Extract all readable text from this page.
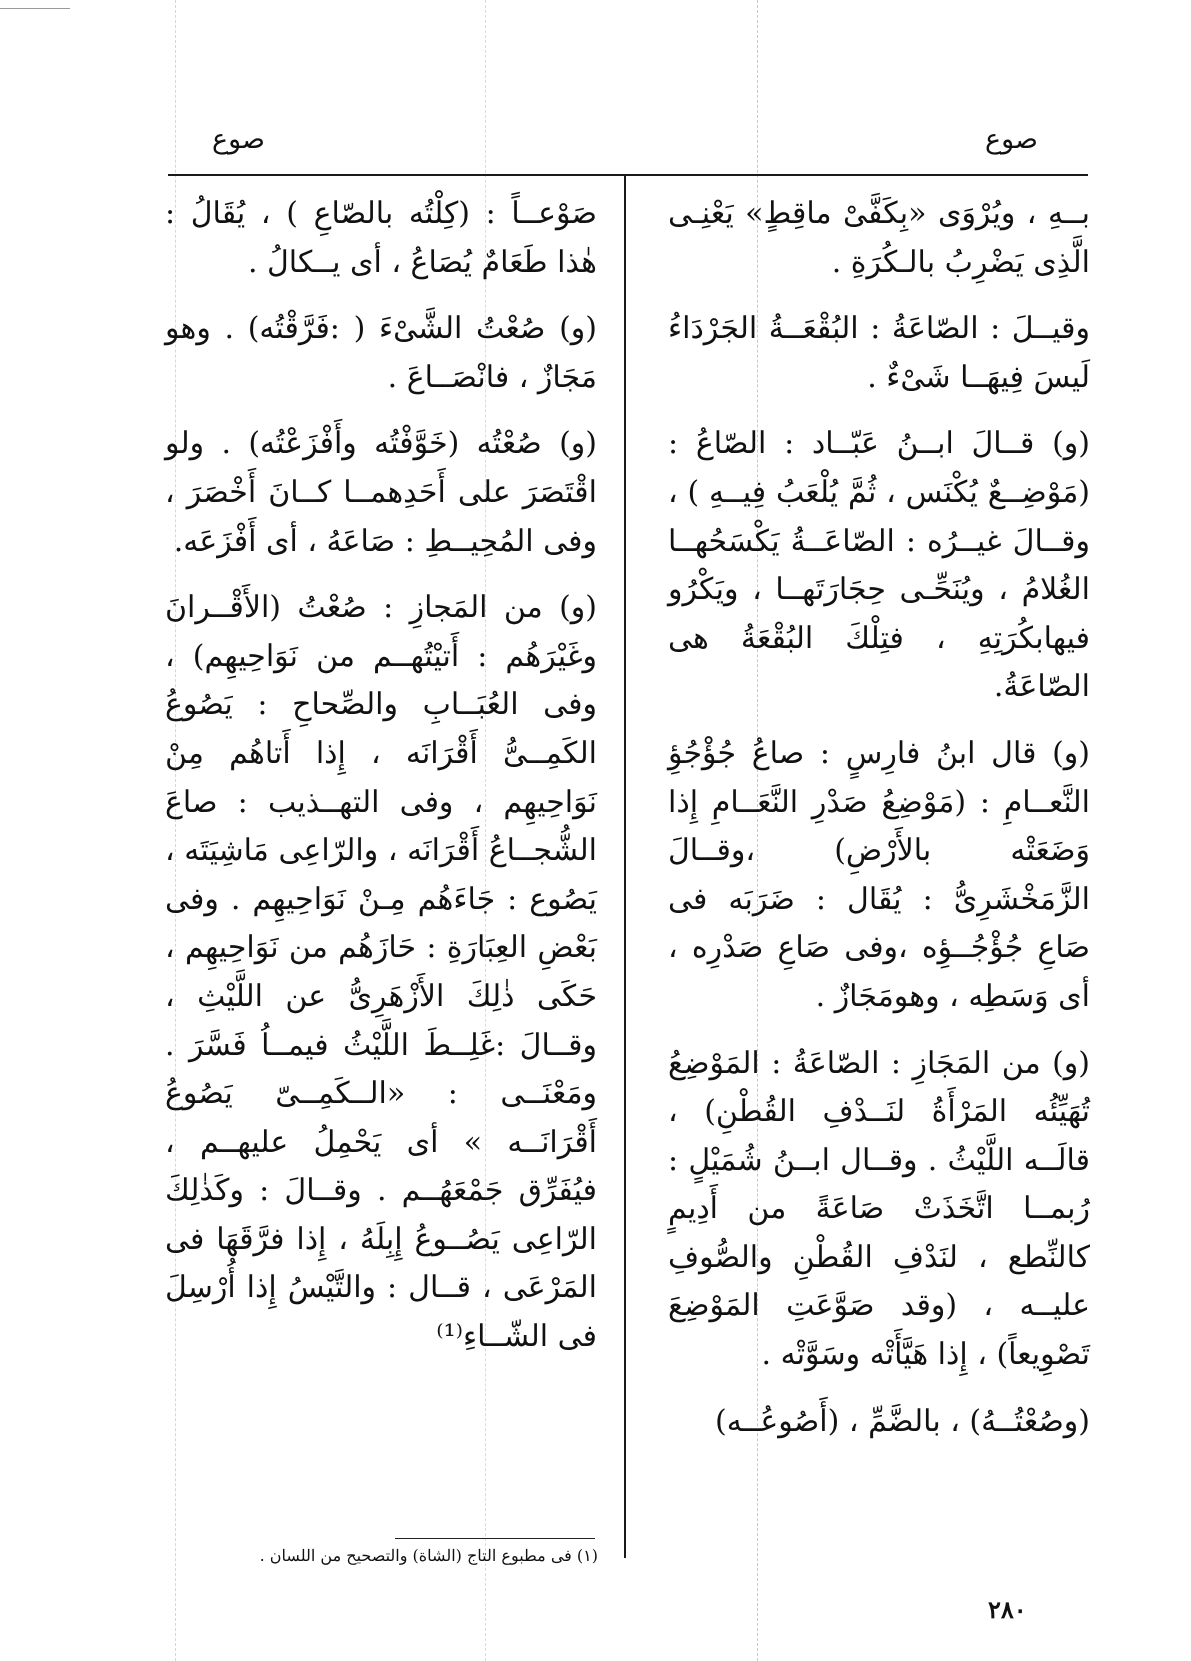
صوع
صوع

بــهِ ، ويُرْوَى «بِكَفَّىْ ماقِطٍ» يَعْنِـى الَّذِى يَضْرِبُ بالـكُرَةِ .

وقيــلَ : الصّاعَةُ : البُقْعَــةُ الجَرْدَاءُ لَيسَ فِيهَــا شَىْءٌ .

(و) قــالَ ابــنُ عَبّــاد : الصّاعُ : (مَوْضِــعٌ يُكْنَس ، ثُمَّ يُلْعَبُ فِيــهِ ) ، وقــالَ غيــرُه : الصّاعَــةُ يَكْسَحُهــا الغُلامُ ، ويُنَحِّـى حِجَارَتَهــا ، ويَكْرُو فيهابكُرَتِهِ ، فتِلْكَ البُقْعَةُ هى الصّاعَةُ.

(و) قال ابنُ فارِسٍ : صاعُ جُؤْجُؤِ النَّعــامِ : (مَوْضِعُ صَدْرِ النَّعَــامِ إِذا وَضَعَتْه بالأَرْضِ) ،وقــالَ الزَّمَخْشَرِىُّ : يُقَال : ضَرَبَه فى صَاعِ جُؤْجُــؤِه ،وفى صَاعِ صَدْرِه ، أى وَسَطِه ، وهومَجَازٌ .

(و) من المَجَازِ : الصّاعَةُ : المَوْضِعُ تُهَيِّئُه المَرْأَةُ لنَــدْفِ القُطْنِ) ، قالَــه اللَّيْثُ . وقــال ابــنُ شُمَيْلٍ : رُبمــا اتَّخَذَتْ صَاعَةً من أَدِيمٍ كالنِّطع ، لنَدْفِ القُطْنِ والصُّوفِ عليــه ، (وقد صَوَّعَتِ المَوْضِعَ تَصْوِيعاً) ، إِذا هَيَّأَتْه وسَوَّتْه .

(وصُعْتُــهُ) ، بالضَّمِّ ، (أَصُوعُــه)

صَوْعــاً : (كِلْتُه بالصّاعِ ) ، يُقَالُ : هٰذا طَعَامٌ يُصَاعُ ، أى يــكالُ .

(و) صُعْتُ الشَّىْءَ ( :فَرَّقْتُه) . وهو مَجَازٌ ، فانْصَــاعَ .

(و) صُعْتُه (خَوَّفْتُه وأَفْزَعْتُه) . ولو اقْتَصَرَ على أَحَدِهمــا كــانَ أَخْصَرَ ، وفى المُحِيــطِ : صَاعَهُ ، أى أَفْزَعَه.

(و) من المَجازِ : صُعْتُ (الأَقْــرانَ وغَيْرَهُم : أَتيْتُهــم من نَوَاحِيهِم) ، وفى العُبَــابِ والصِّحاحِ : يَصُوعُ الكَمِــىُّ أَقْرَانَه ، إِذا أَتاهُم مِنْ نَوَاحِيهِم ، وفى التهــذيب : صاعَ الشُّجــاعُ أَقْرَانَه ، والرّاعِى مَاشِيَتَه ، يَصُوع : جَاءَهُم مِـنْ نَوَاحِيهِم . وفى بَعْضِ العِبَارَةِ : حَازَهُم من نَوَاحِيهِم ، حَكَى ذٰلِكَ الأَزْهَرِىُّ عن اللَّيْثِ ، وقــالَ :غَلِــطَ اللَّيْثُ فيمــاُ فَسَّرَ . ومَعْنَــى : «الــكَمِــىّ يَصُوعُ أَقْرَانَــه » أى يَحْمِلُ عليهــم ، فيُفَرِّق جَمْعَهُــم . وقــالَ : وكَذٰلِكَ الرّاعِى يَصُــوعُ إِبِلَهُ ، إِذا فرَّقَهَا فى المَرْعَى ، قــال : والتَّيْسُ إِذا أُرْسِلَ فى الشّــاءِ⁽¹⁾

(١) فى مطبوع التاج (الشاة) والتصحيح من اللسان .
٢٨٠
